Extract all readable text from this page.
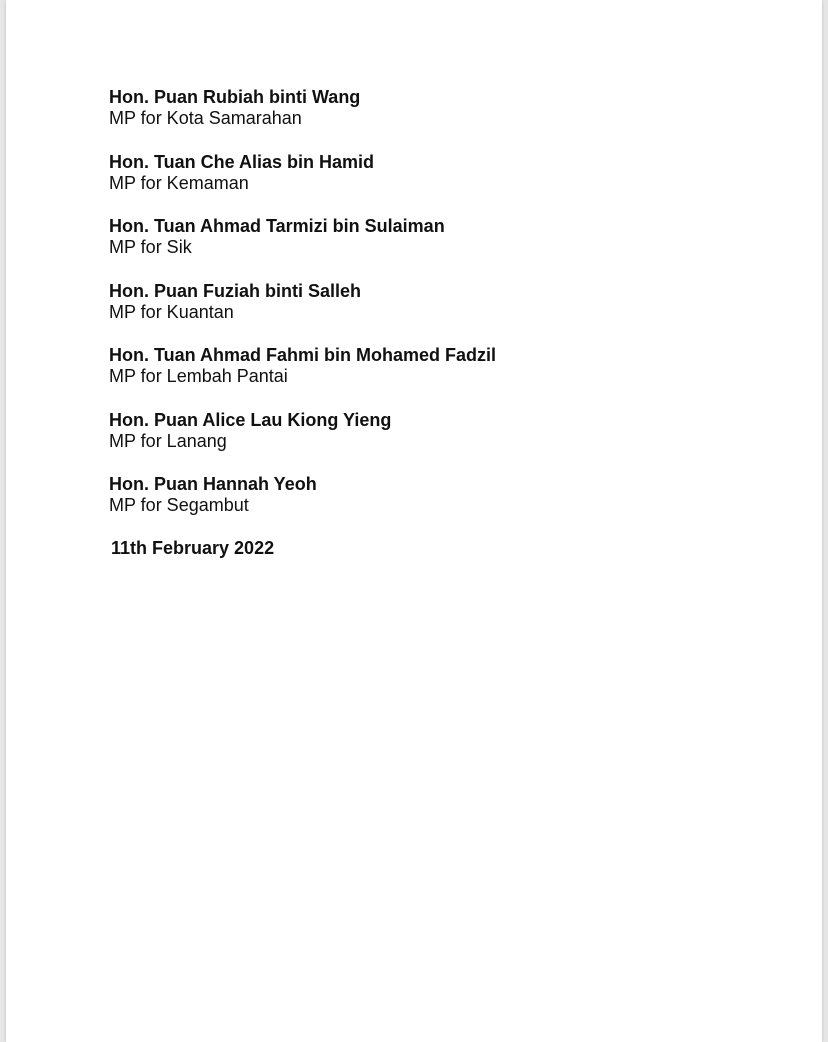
Hon. Puan Rubiah binti Wang
MP for Kota Samarahan
Hon. Tuan Che Alias bin Hamid
MP for Kemaman
Hon. Tuan Ahmad Tarmizi bin Sulaiman
MP for Sik
Hon. Puan Fuziah binti Salleh
MP for Kuantan
Hon. Tuan Ahmad Fahmi bin Mohamed Fadzil
MP for Lembah Pantai
Hon. Puan Alice Lau Kiong Yieng
MP for Lanang
Hon. Puan Hannah Yeoh
MP for Segambut
11th February 2022
